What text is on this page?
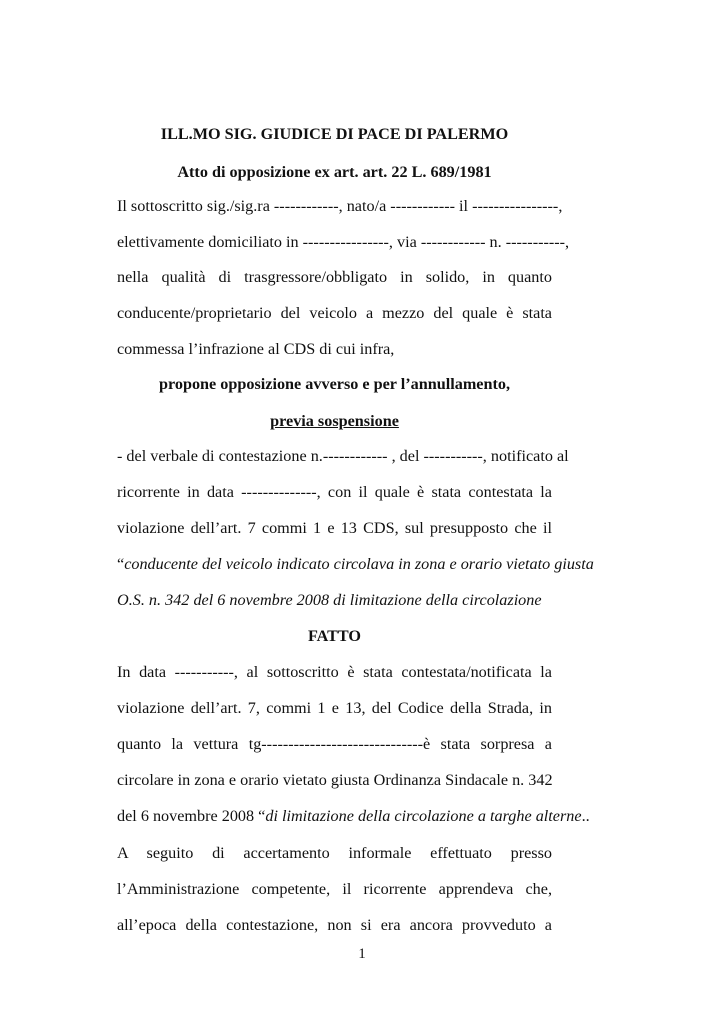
ILL.MO SIG. GIUDICE DI PACE DI PALERMO
Atto di opposizione ex art. art. 22 L. 689/1981
Il sottoscritto sig./sig.ra ------------, nato/a ------------ il ----------------,
elettivamente domiciliato in ----------------, via ------------ n. -----------,
nella qualità di trasgressore/obbligato in solido, in quanto
conducente/proprietario del veicolo a mezzo del quale è stata
commessa l’infrazione al CDS di cui infra,
propone opposizione avverso e per l’annullamento,
previa sospensione
- del verbale di contestazione n.------------ , del -----------, notificato al
ricorrente in data --------------, con il quale è stata contestata la
violazione dell’art. 7 commi 1 e 13 CDS, sul presupposto che il
“conducente del veicolo indicato circolava in zona e orario vietato giusta
O.S. n. 342 del 6 novembre 2008 di limitazione della circolazione
FATTO
In data -----------, al sottoscritto è stata contestata/notificata la
violazione dell’art. 7, commi 1 e 13, del Codice della Strada, in
quanto la vettura tg------------------------------è stata sorpresa a
circolare in zona e orario vietato giusta Ordinanza Sindacale n. 342
del 6 novembre 2008 “di limitazione della circolazione a targhe alterne..
A seguito di accertamento informale effettuato presso
l’Amministrazione competente, il ricorrente apprendeva che,
all’epoca della contestazione, non si era ancora provveduto a
1
